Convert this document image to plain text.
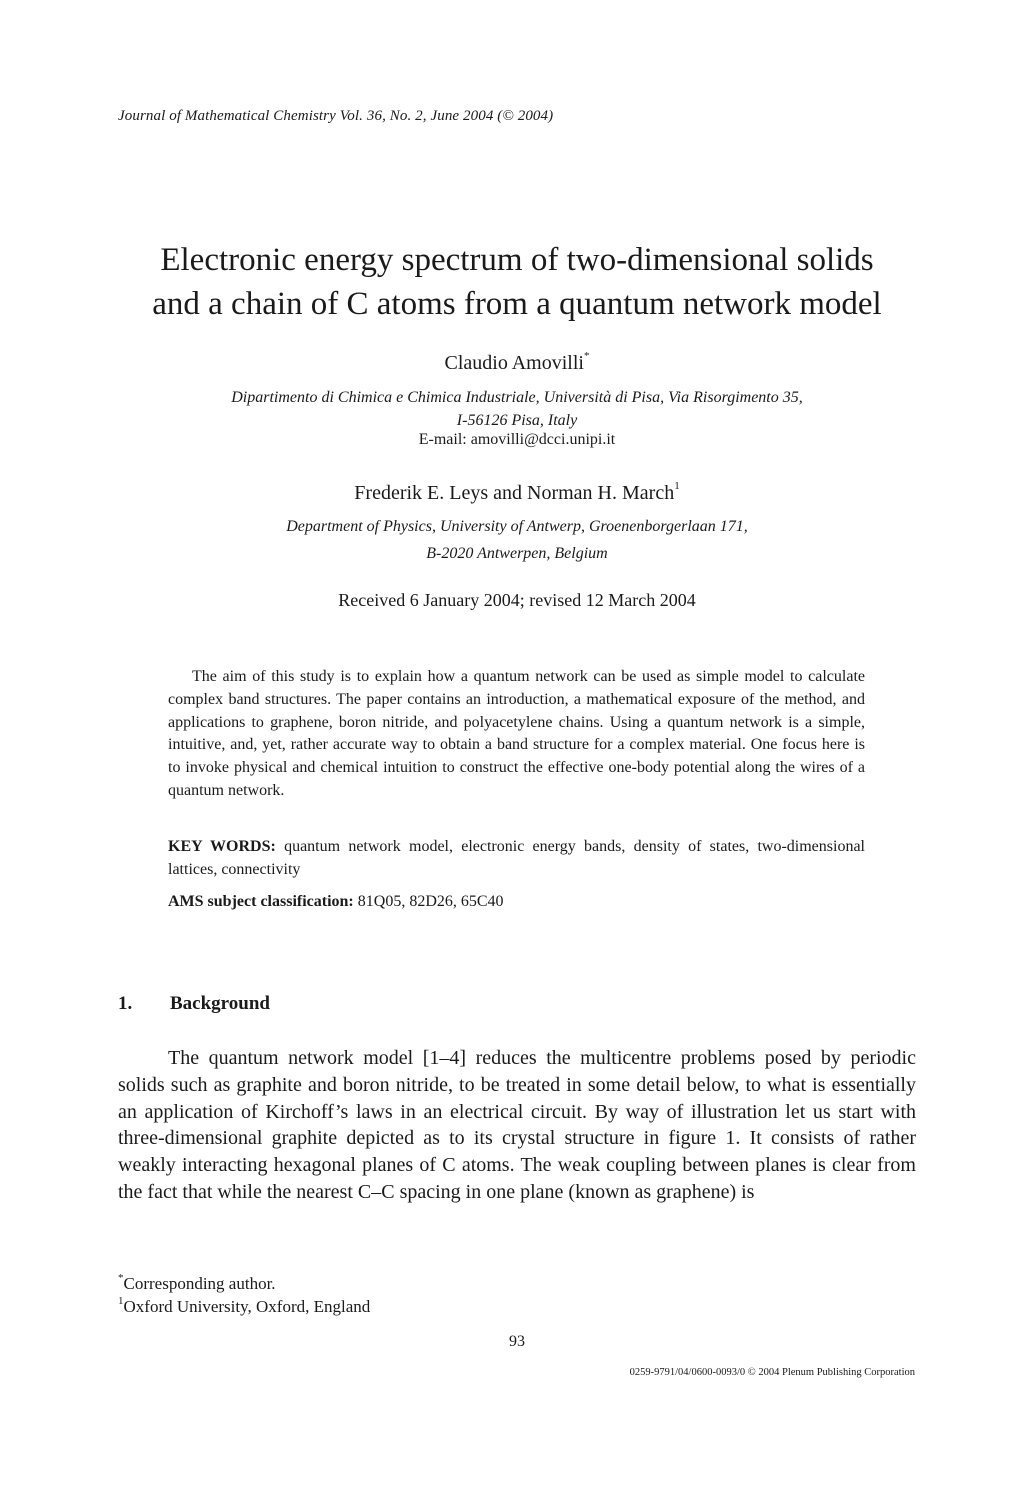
Journal of Mathematical Chemistry Vol. 36, No. 2, June 2004 (© 2004)
Electronic energy spectrum of two-dimensional solids
and a chain of C atoms from a quantum network model
Claudio Amovilli*
Dipartimento di Chimica e Chimica Industriale, Università di Pisa, Via Risorgimento 35,
I-56126 Pisa, Italy
E-mail: amovilli@dcci.unipi.it
Frederik E. Leys and Norman H. March$^1$
Department of Physics, University of Antwerp, Groenenborgerlaan 171,
B-2020 Antwerpen, Belgium
Received 6 January 2004; revised 12 March 2004

The aim of this study is to explain how a quantum network can be used as simple model to calculate complex band structures. The paper contains an introduction, a mathematical exposure of the method, and applications to graphene, boron nitride, and polyacetylene chains. Using a quantum network is a simple, intuitive, and, yet, rather accurate way to obtain a band structure for a complex material. One focus here is to invoke physical and chemical intuition to construct the effective one-body potential along the wires of a quantum network.

KEY WORDS: quantum network model, electronic energy bands, density of states, two-dimensional lattices, connectivity

AMS subject classification: 81Q05, 82D26, 65C40

1. Background

The quantum network model [1–4] reduces the multicentre problems posed by periodic solids such as graphite and boron nitride, to be treated in some detail below, to what is essentially an application of Kirchoff’s laws in an electrical circuit. By way of illustration let us start with three-dimensional graphite depicted as to its crystal structure in figure 1. It consists of rather weakly interacting hexagonal planes of C atoms. The weak coupling between planes is clear from the fact that while the nearest C–C spacing in one plane (known as graphene) is

*Corresponding author.
$^1$Oxford University, Oxford, England
93
0259-9791/04/0600-0093/0 © 2004 Plenum Publishing Corporation
